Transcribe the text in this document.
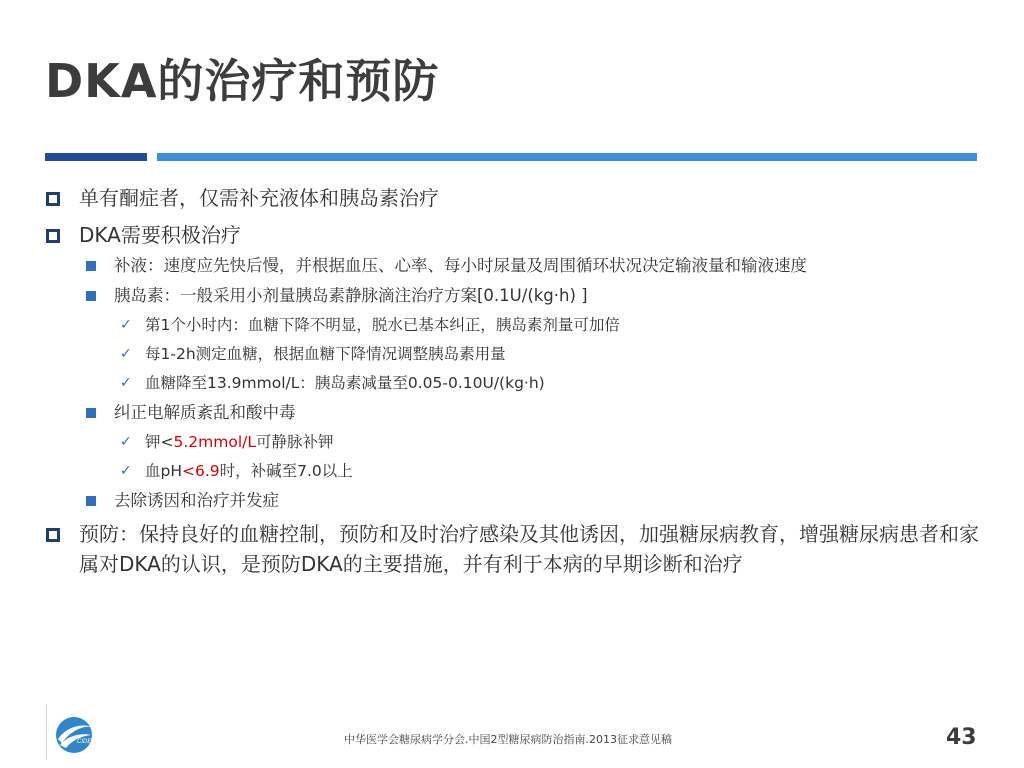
DKA的治疗和预防
单有酮症者，仅需补充液体和胰岛素治疗
DKA需要积极治疗
补液：速度应先快后慢，并根据血压、心率、每小时尿量及周围循环状况决定输液量和输液速度
胰岛素：一般采用小剂量胰岛素静脉滴注治疗方案[0.1U/(kg·h) ]
✓ 第1个小时内：血糖下降不明显，脱水已基本纠正，胰岛素剂量可加倍
✓ 每1-2h测定血糖，根据血糖下降情况调整胰岛素用量
✓ 血糖降至13.9mmol/L：胰岛素减量至0.05-0.10U/(kg·h)
纠正电解质紊乱和酸中毒
✓ 钾<5.2mmol/L可静脉补钾
✓ 血pH<6.9时，补碱至7.0以上
去除诱因和治疗并发症
预防：保持良好的血糖控制，预防和及时治疗感染及其他诱因，加强糖尿病教育，增强糖尿病患者和家属对DKA的认识，是预防DKA的主要措施，并有利于本病的早期诊断和治疗
CIDE	中华医学会糖尿病学分会.中国2型糖尿病防治指南.2013征求意见稿	43
